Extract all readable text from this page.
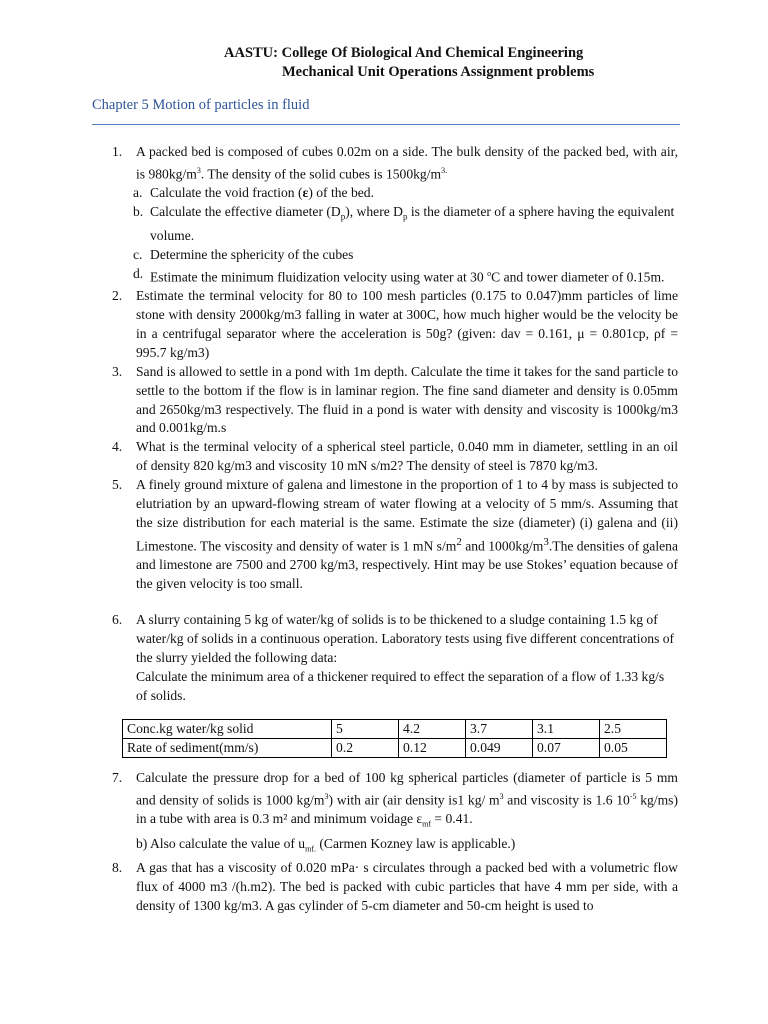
AASTU: College Of Biological And Chemical Engineering
Mechanical Unit Operations Assignment problems
Chapter 5 Motion of particles in fluid
1. A packed bed is composed of cubes 0.02m on a side. The bulk density of the packed bed, with air, is $980kg/m^3$. The density of the solid cubes is $1500kg/m^{3.}$
a. Calculate the void fraction (ε) of the bed.
b. Calculate the effective diameter $(D_p)$, where $D_p$ is the diameter of a sphere having the equivalent volume.
c. Determine the sphericity of the cubes
d. Estimate the minimum fluidization velocity using water at 30 $^o$C and tower diameter of 0.15m.
2. Estimate the terminal velocity for 80 to 100 mesh particles (0.175 to 0.047)mm particles of lime stone with density 2000kg/m3 falling in water at 300C, how much higher would be the velocity be in a centrifugal separator where the acceleration is 50g? (given: dav = 0.161, μ = 0.801cp, ρf = 995.7 kg/m3)
3. Sand is allowed to settle in a pond with 1m depth. Calculate the time it takes for the sand particle to settle to the bottom if the flow is in laminar region. The fine sand diameter and density is 0.05mm and 2650kg/m3 respectively. The fluid in a pond is water with density and viscosity is 1000kg/m3 and 0.001kg/m.s
4. What is the terminal velocity of a spherical steel particle, 0.040 mm in diameter, settling in an oil of density 820 kg/m3 and viscosity 10 mN s/m2? The density of steel is 7870 kg/m3.
5. A finely ground mixture of galena and limestone in the proportion of 1 to 4 by mass is subjected to elutriation by an upward-flowing stream of water flowing at a velocity of 5 mm/s. Assuming that the size distribution for each material is the same. Estimate the size (diameter) (i) galena and (ii) Limestone. The viscosity and density of water is 1 mN $s/m^2$ and $1000kg/m^3.The$ densities of galena and limestone are 7500 and 2700 kg/m3, respectively. Hint may be use Stokes’ equation because of the given velocity is too small.
6. A slurry containing 5 kg of water/kg of solids is to be thickened to a sludge containing 1.5 kg of water/kg of solids in a continuous operation. Laboratory tests using five different concentrations of the slurry yielded the following data:
Calculate the minimum area of a thickener required to effect the separation of a flow of 1.33 kg/s of solids.
Conc.kg water/kg solid	5	4.2	3.7	3.1	2.5
Rate of sediment(mm/s)	0.2	0.12	0.049	0.07	0.05
7. Calculate the pressure drop for a bed of 100 kg spherical particles (diameter of particle is 5 mm and density of solids is 1000 $kg/m^3$) with air (air density is1 kg/ $m^3$ and viscosity is 1.6 $10^{-5}$ kg/ms) in a tube with area is 0.3 m² and minimum voidage $\varepsilon_{mf} = 0.41$.
b) Also calculate the value of $u_{mf.}$ (Carmen Kozney law is applicable.)
8. A gas that has a viscosity of 0.020 mPa· s circulates through a packed bed with a volumetric flow flux of 4000 m3 /(h.m2). The bed is packed with cubic particles that have 4 mm per side, with a density of 1300 kg/m3. A gas cylinder of 5-cm diameter and 50-cm height is used to
